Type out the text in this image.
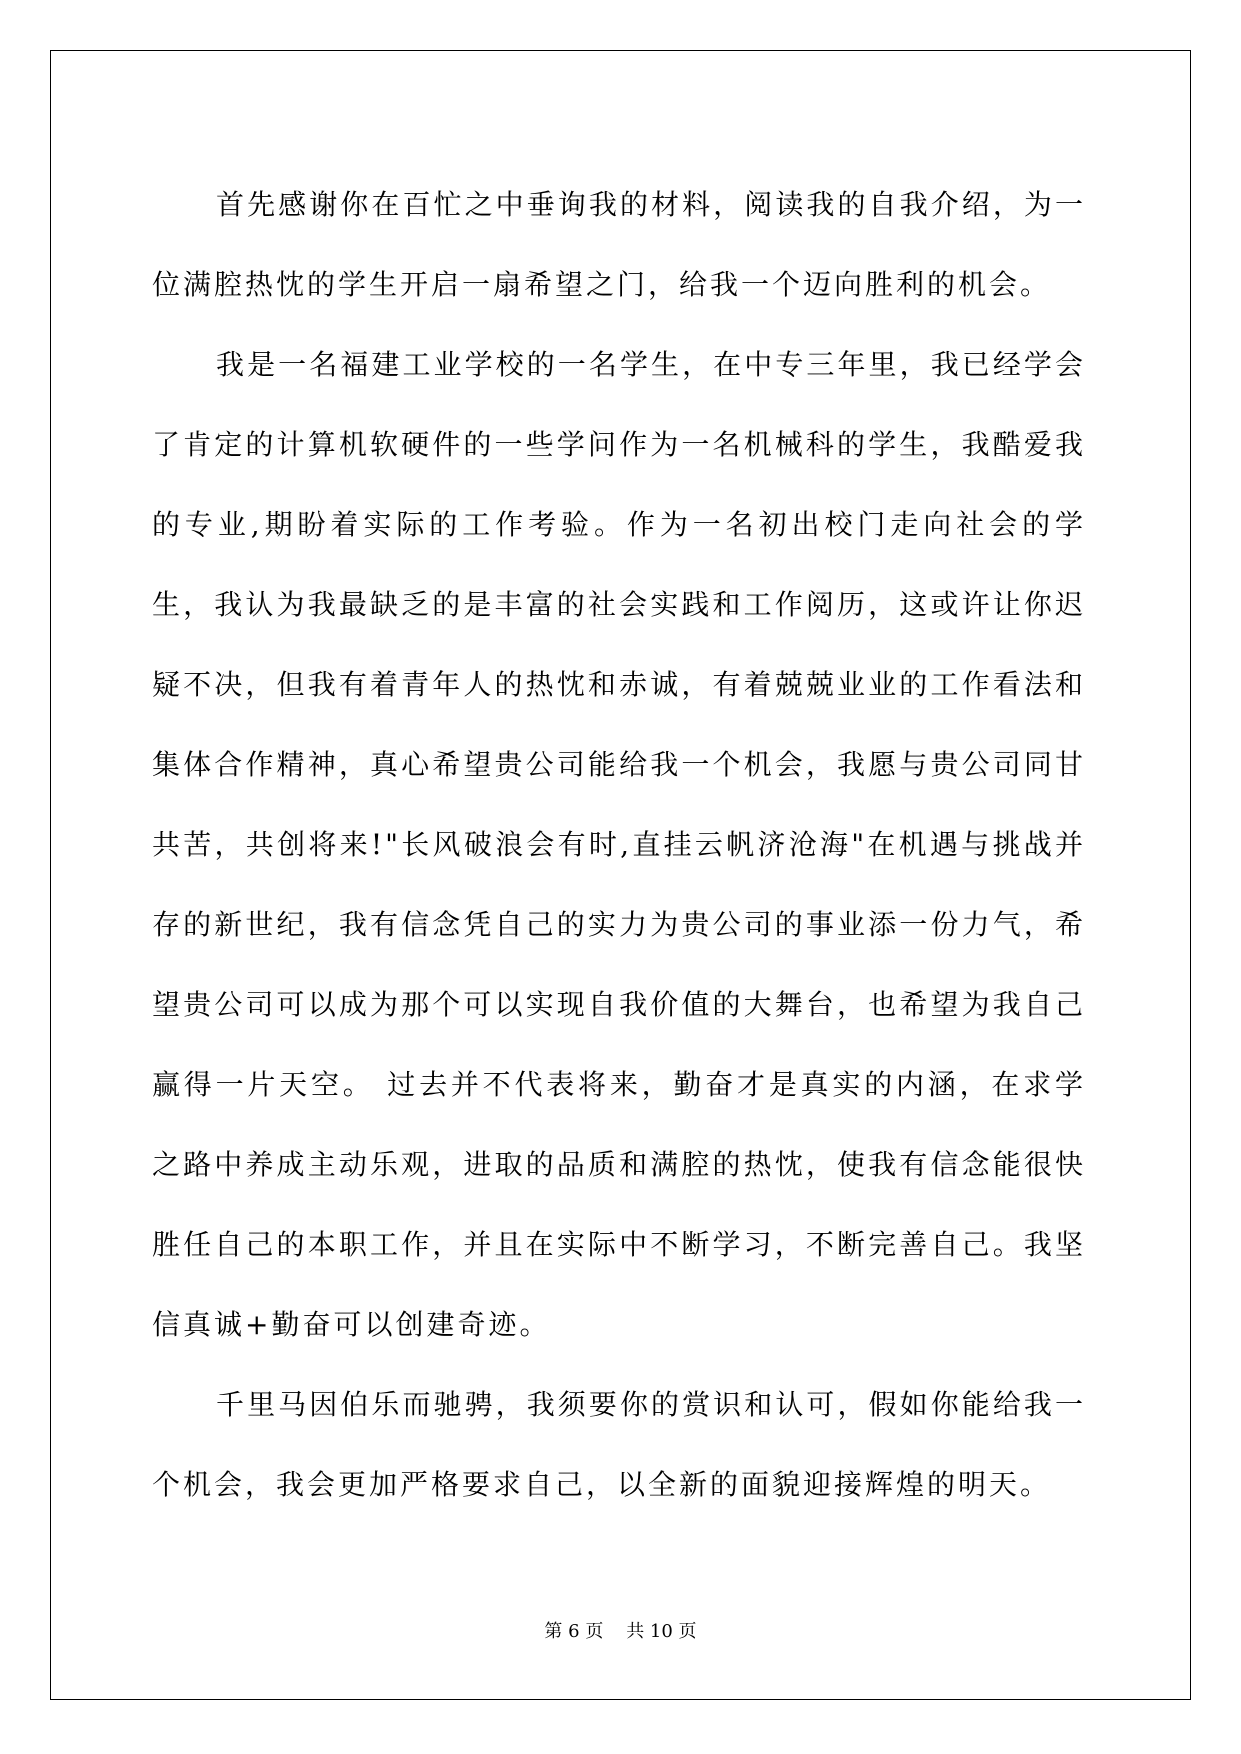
首先感谢你在百忙之中垂询我的材料，阅读我的自我介绍，为一位满腔热忱的学生开启一扇希望之门，给我一个迈向胜利的机会。

我是一名福建工业学校的一名学生，在中专三年里，我已经学会了肯定的计算机软硬件的一些学问作为一名机械科的学生，我酷爱我的专业,期盼着实际的工作考验。作为一名初出校门走向社会的学生，我认为我最缺乏的是丰富的社会实践和工作阅历，这或许让你迟疑不决，但我有着青年人的热忱和赤诚，有着兢兢业业的工作看法和集体合作精神，真心希望贵公司能给我一个机会，我愿与贵公司同甘共苦，共创将来!"长风破浪会有时,直挂云帆济沧海"在机遇与挑战并存的新世纪，我有信念凭自己的实力为贵公司的事业添一份力气，希望贵公司可以成为那个可以实现自我价值的大舞台，也希望为我自己赢得一片天空。 过去并不代表将来，勤奋才是真实的内涵，在求学之路中养成主动乐观，进取的品质和满腔的热忱，使我有信念能很快胜任自己的本职工作，并且在实际中不断学习，不断完善自己。我坚信真诚+勤奋可以创建奇迹。

千里马因伯乐而驰骋，我须要你的赏识和认可，假如你能给我一个机会，我会更加严格要求自己，以全新的面貌迎接辉煌的明天。

第 6 页    共 10 页
